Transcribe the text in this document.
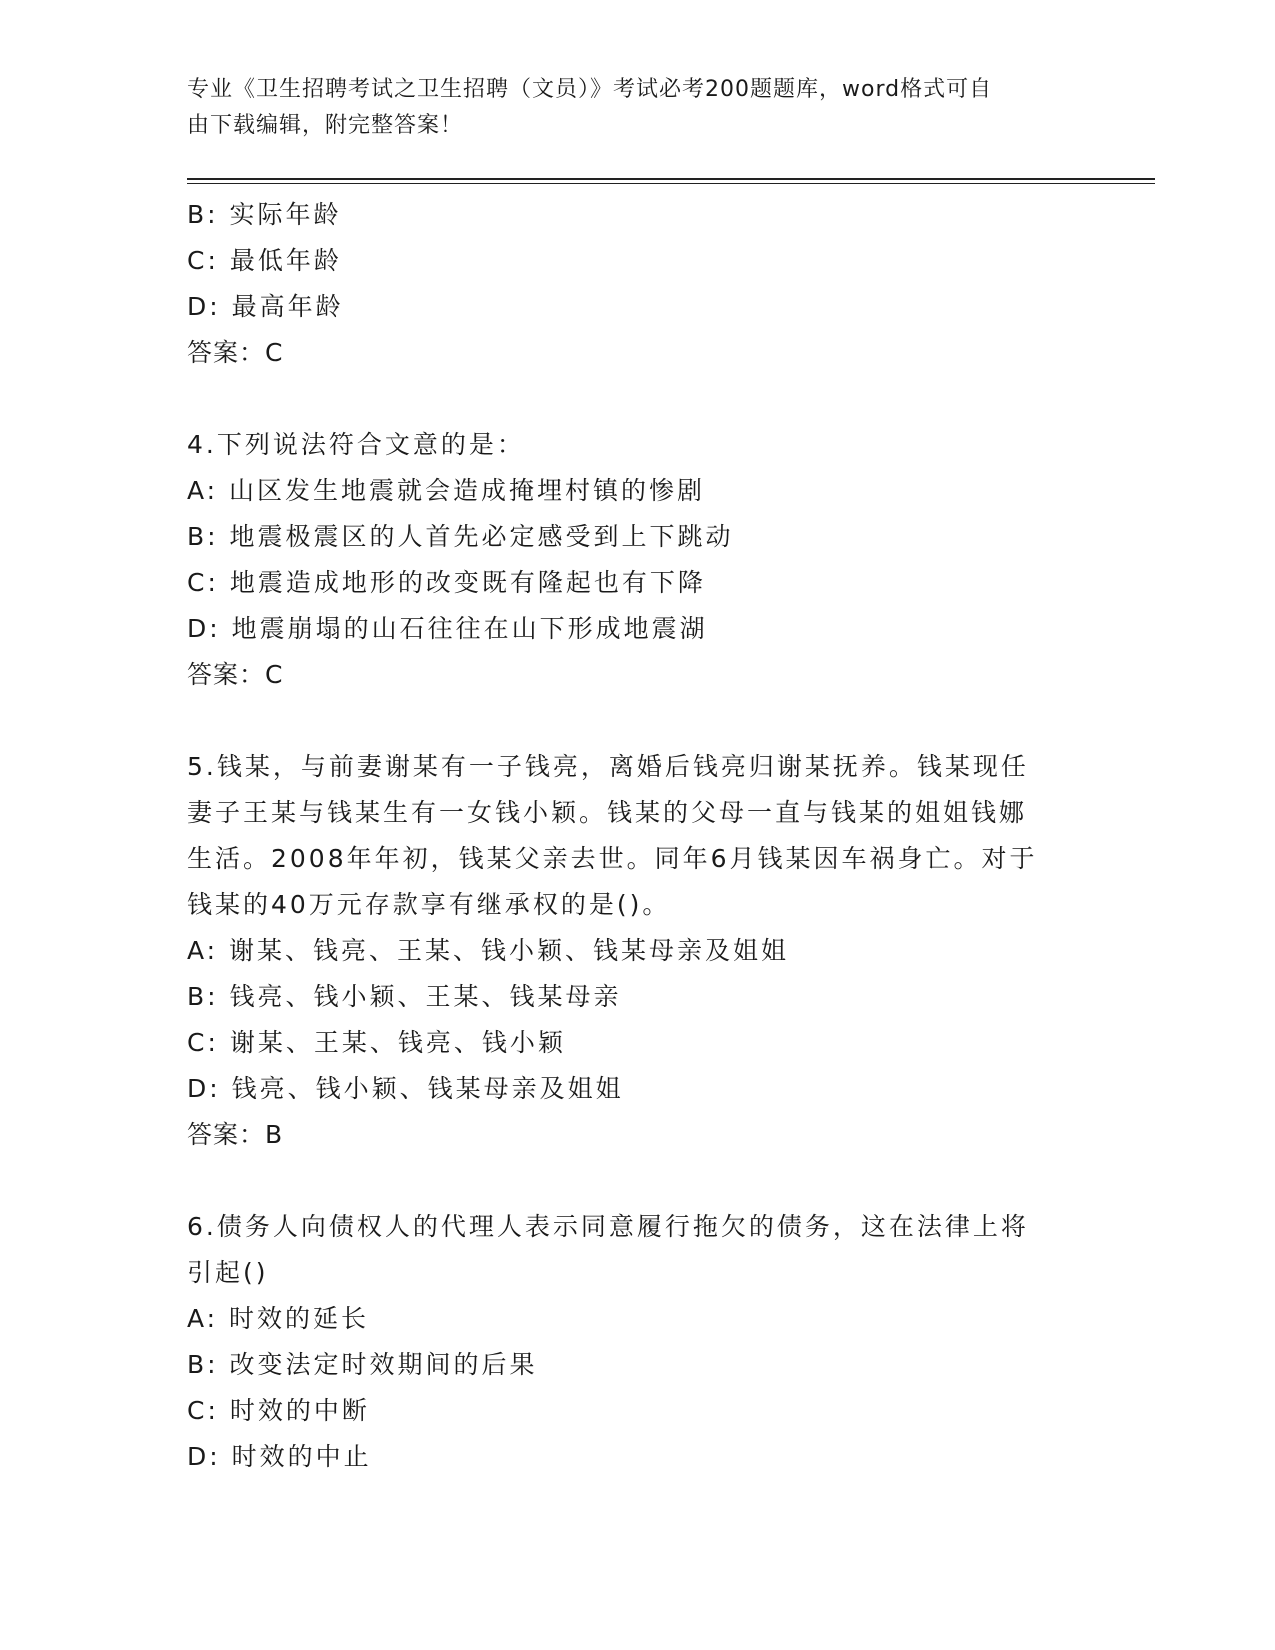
专业《卫生招聘考试之卫生招聘（文员）》考试必考200题题库，word格式可自
由下载编辑，附完整答案！
B: 实际年龄
C: 最低年龄
D: 最高年龄
答案：C
4.下列说法符合文意的是：
A: 山区发生地震就会造成掩埋村镇的惨剧
B: 地震极震区的人首先必定感受到上下跳动
C: 地震造成地形的改变既有隆起也有下降
D: 地震崩塌的山石往往在山下形成地震湖
答案：C
5.钱某，与前妻谢某有一子钱亮，离婚后钱亮归谢某抚养。钱某现任
妻子王某与钱某生有一女钱小颖。钱某的父母一直与钱某的姐姐钱娜
生活。2008年年初，钱某父亲去世。同年6月钱某因车祸身亡。对于
钱某的40万元存款享有继承权的是()。
A: 谢某、钱亮、王某、钱小颖、钱某母亲及姐姐
B: 钱亮、钱小颖、王某、钱某母亲
C: 谢某、王某、钱亮、钱小颖
D: 钱亮、钱小颖、钱某母亲及姐姐
答案：B
6.债务人向债权人的代理人表示同意履行拖欠的债务，这在法律上将
引起()
A: 时效的延长
B: 改变法定时效期间的后果
C: 时效的中断
D: 时效的中止
